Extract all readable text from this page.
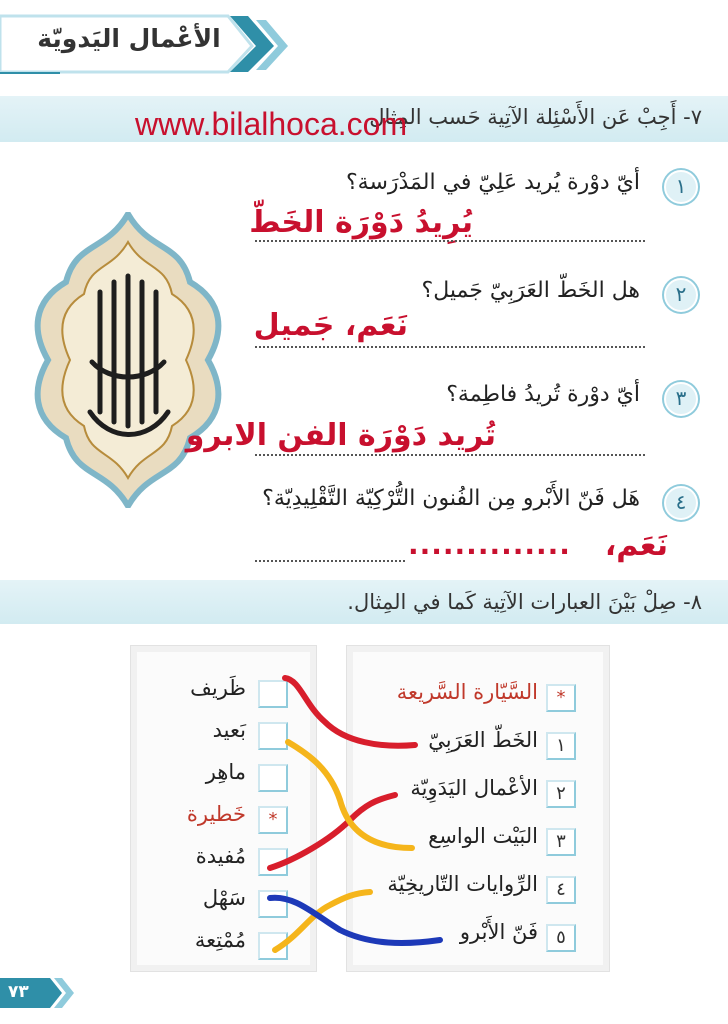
الأعْمال اليَدويّة
٧- أَجِبْ عَن الأَسْئِلة الآتِية حَسب المِثال
www.bilalhoca.com
١
أيّ دوْرة يُريد عَلِيّ في المَدْرَسة؟
يُرِيدُ دَوْرَة الخَطّ
٢
هل الخَطّ العَرَبِيّ جَميل؟
نَعَم، جَميل
٣
أيّ دوْرة تُريدُ فاطِمة؟
تُريد دَوْرَة الفن الابرو
٤
هَل فَنّ الأَبْرو مِن الفُنون التُّرْكِيّة التَّقْلِيدِيّة؟
نَعَم،
..............
٨- صِلْ بَيْنَ العبارات الآتِية كَما في المِثال.
ظَريف
بَعيد
ماهِر
*
خَطيرة
مُفيدة
سَهْل
مُمْتِعة
*
السَّيّارة السَّريعة
١
الخَطّ العَرَبِيّ
٢
الأعْمال اليَدَوِيّة
٣
البَيْت الواسِع
٤
الرِّوايات التّاريخِيّة
٥
فَنّ الأَبْرو
٧٣
